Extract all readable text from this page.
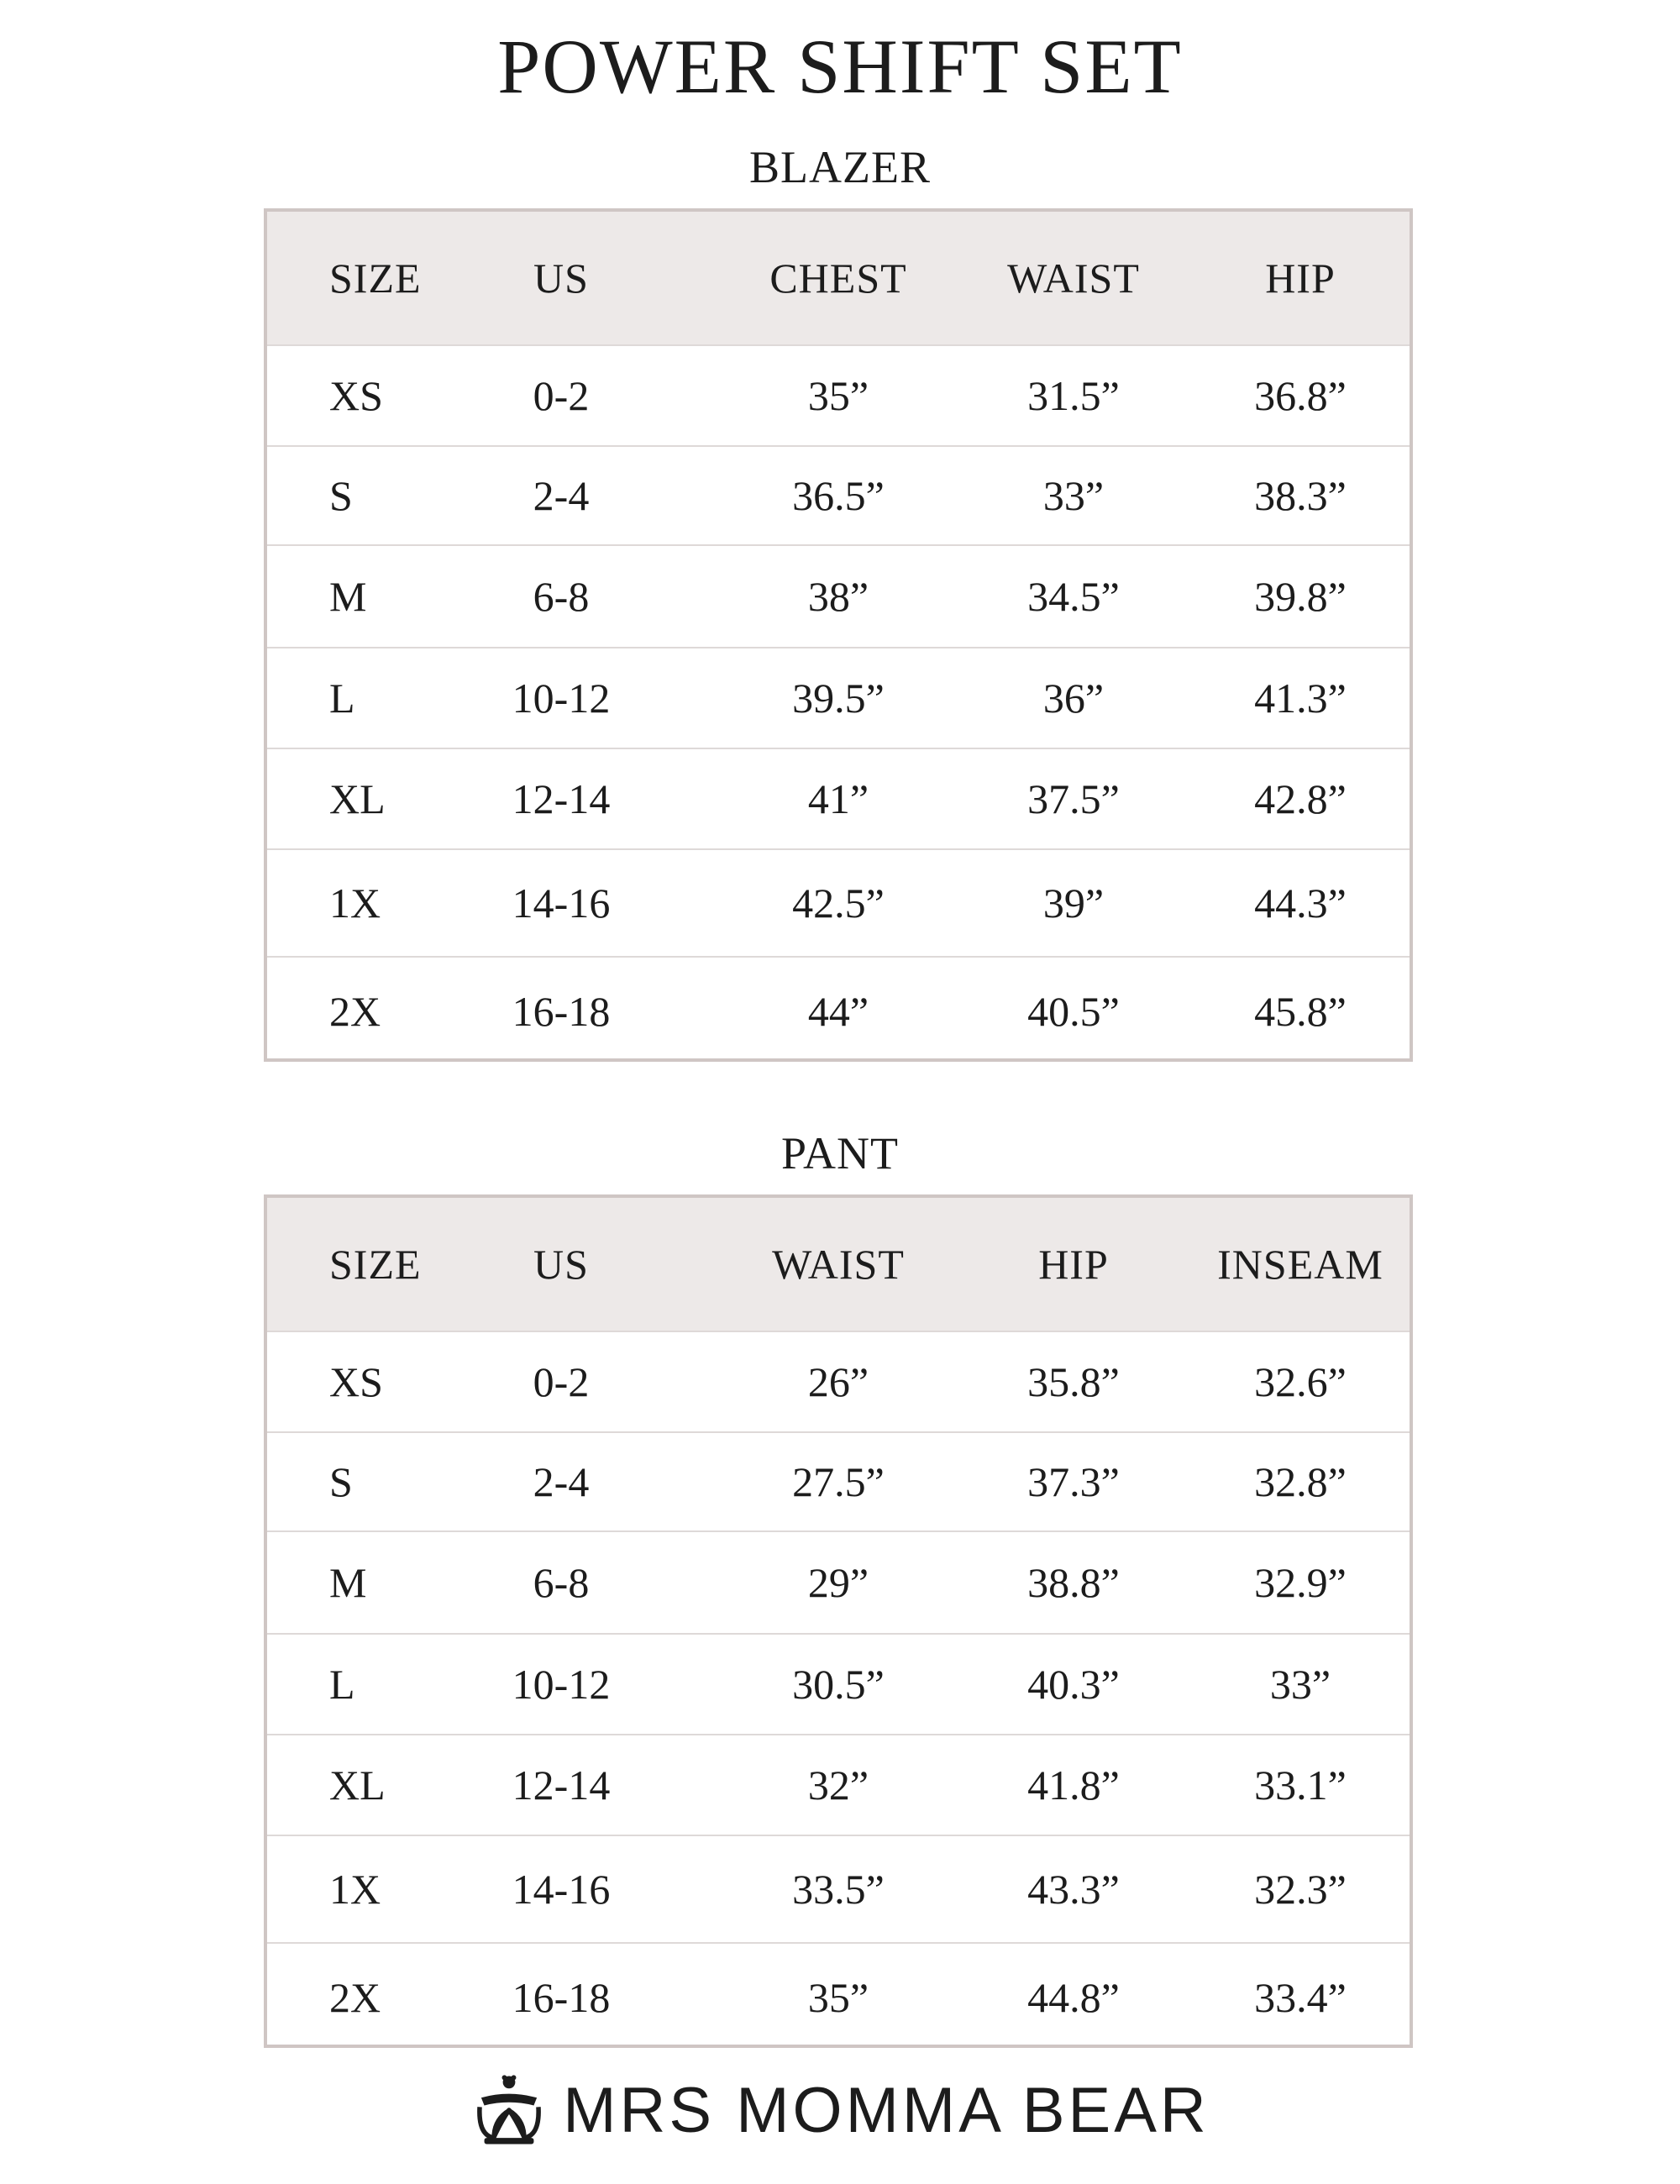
POWER SHIFT SET
BLAZER
SIZE	US	CHEST	WAIST	HIP
XS	0-2	35”	31.5”	36.8”
S	2-4	36.5”	33”	38.3”
M	6-8	38”	34.5”	39.8”
L	10-12	39.5”	36”	41.3”
XL	12-14	41”	37.5”	42.8”
1X	14-16	42.5”	39”	44.3”
2X	16-18	44”	40.5”	45.8”
PANT
SIZE	US	WAIST	HIP	INSEAM
XS	0-2	26”	35.8”	32.6”
S	2-4	27.5”	37.3”	32.8”
M	6-8	29”	38.8”	32.9”
L	10-12	30.5”	40.3”	33”
XL	12-14	32”	41.8”	33.1”
1X	14-16	33.5”	43.3”	32.3”
2X	16-18	35”	44.8”	33.4”
MRS MOMMA BEAR
